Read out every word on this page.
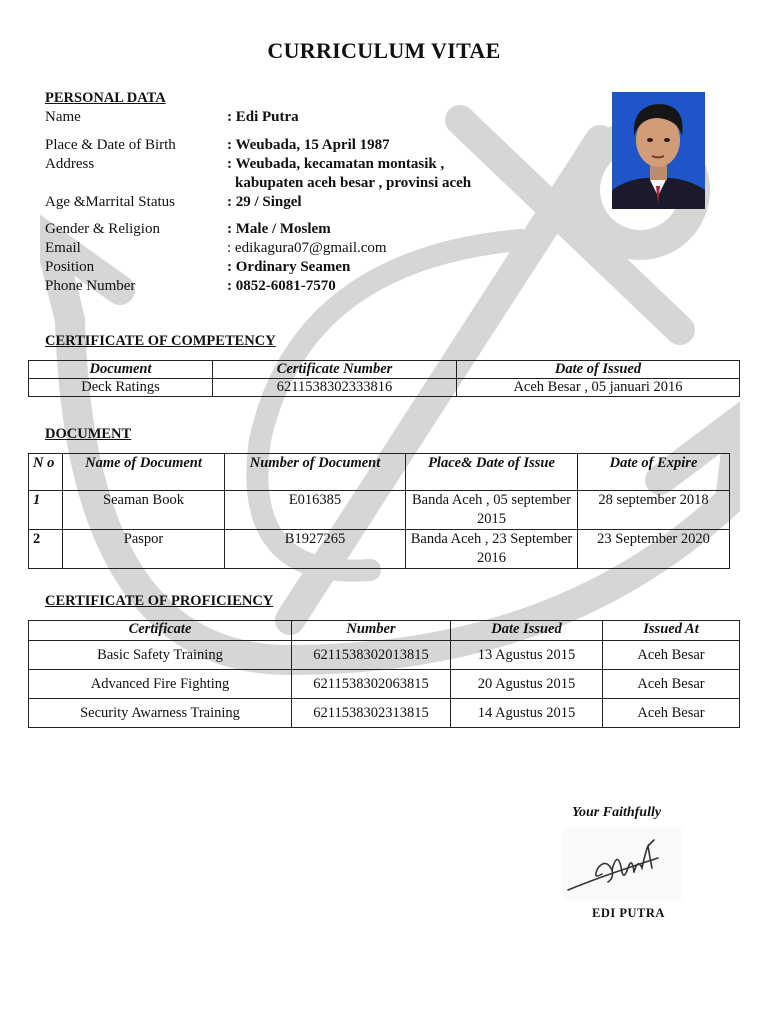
CURRICULUM VITAE
PERSONAL DATA
Name	: Edi Putra
Place & Date of Birth	: Weubada, 15 April 1987
Address	: Weubada, kecamatan montasik ,
kabupaten aceh besar , provinsi aceh
Age &Marrital Status	: 29 / Singel
Gender & Religion	: Male / Moslem
Email	: edikagura07@gmail.com
Position	: Ordinary Seamen
Phone Number	: 0852-6081-7570
CERTIFICATE OF COMPETENCY
Document	Certificate Number	Date of Issued
Deck Ratings	6211538302333816	Aceh Besar , 05 januari 2016
DOCUMENT
N o	Name of Document	Number of Document	Place& Date of Issue	Date of Expire
1	Seaman Book	E016385	Banda Aceh , 05 september 2015	28 september 2018
2	Paspor	B1927265	Banda Aceh , 23 September 2016	23 September 2020
CERTIFICATE OF PROFICIENCY
Certificate	Number	Date Issued	Issued At
Basic Safety Training	6211538302013815	13 Agustus 2015	Aceh Besar
Advanced Fire Fighting	6211538302063815	20 Agustus 2015	Aceh Besar
Security Awarness Training	6211538302313815	14 Agustus 2015	Aceh Besar
Your Faithfully
EDI PUTRA
